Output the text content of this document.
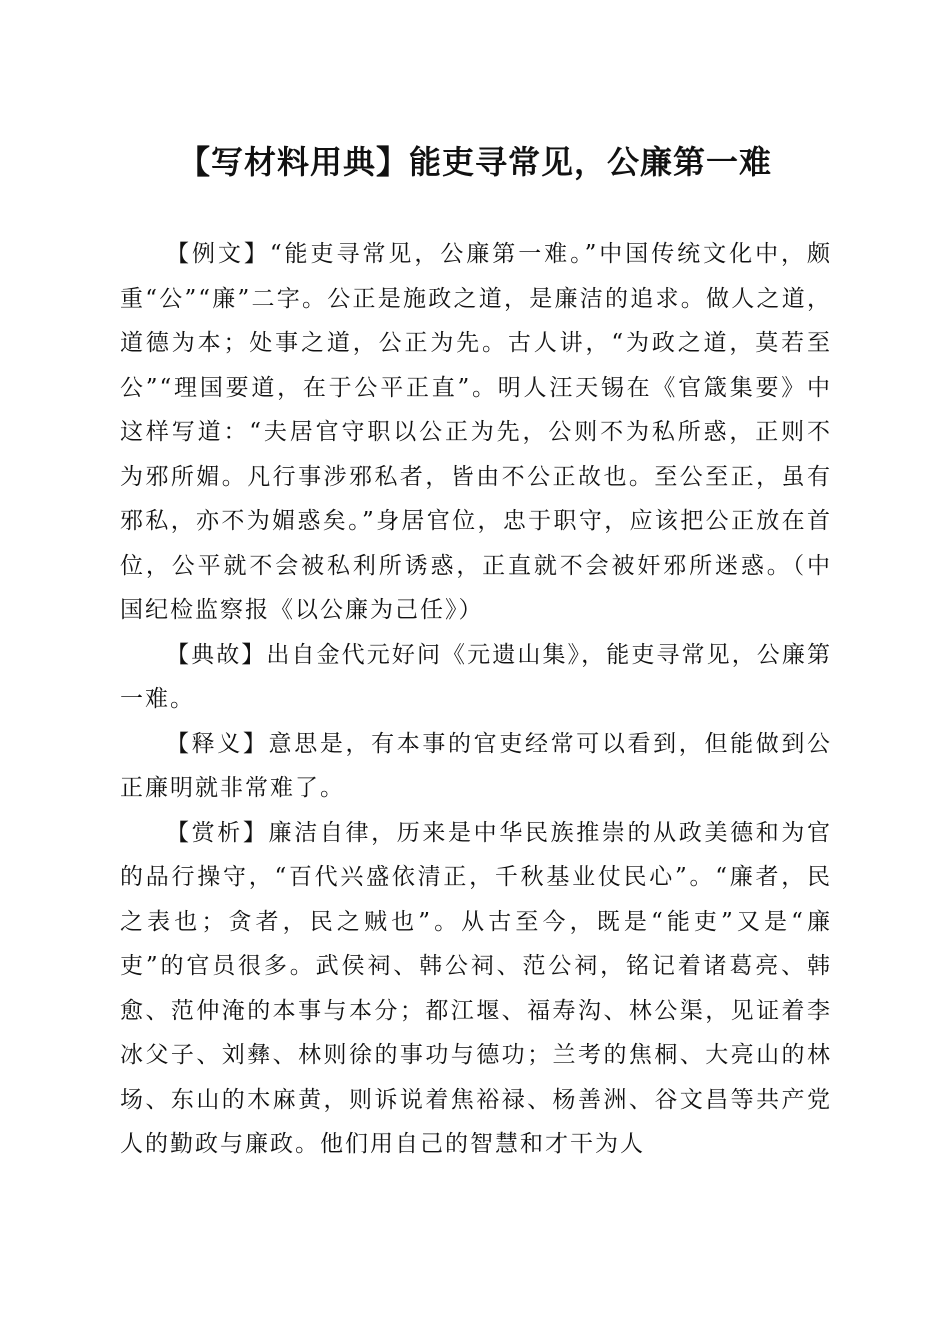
【写材料用典】能吏寻常见，公廉第一难

【例文】“能吏寻常见，公廉第一难。”中国传统文化中，颇重“公”“廉”二字。公正是施政之道，是廉洁的追求。做人之道，道德为本；处事之道，公正为先。古人讲，“为政之道，莫若至公”“理国要道，在于公平正直”。明人汪天锡在《官箴集要》中这样写道：“夫居官守职以公正为先，公则不为私所惑，正则不为邪所媚。凡行事涉邪私者，皆由不公正故也。至公至正，虽有邪私，亦不为媚惑矣。”身居官位，忠于职守，应该把公正放在首位，公平就不会被私利所诱惑，正直就不会被奸邪所迷惑。（中国纪检监察报《以公廉为己任》）

【典故】出自金代元好问《元遗山集》，能吏寻常见，公廉第一难。

【释义】意思是，有本事的官吏经常可以看到，但能做到公正廉明就非常难了。

【赏析】廉洁自律，历来是中华民族推崇的从政美德和为官的品行操守，“百代兴盛依清正，千秋基业仗民心”。“廉者，民之表也；贪者，民之贼也”。从古至今，既是“能吏”又是“廉吏”的官员很多。武侯祠、韩公祠、范公祠，铭记着诸葛亮、韩愈、范仲淹的本事与本分；都江堰、福寿沟、林公渠，见证着李冰父子、刘彝、林则徐的事功与德功；兰考的焦桐、大亮山的林场、东山的木麻黄，则诉说着焦裕禄、杨善洲、谷文昌等共产党人的勤政与廉政。他们用自己的智慧和才干为人
